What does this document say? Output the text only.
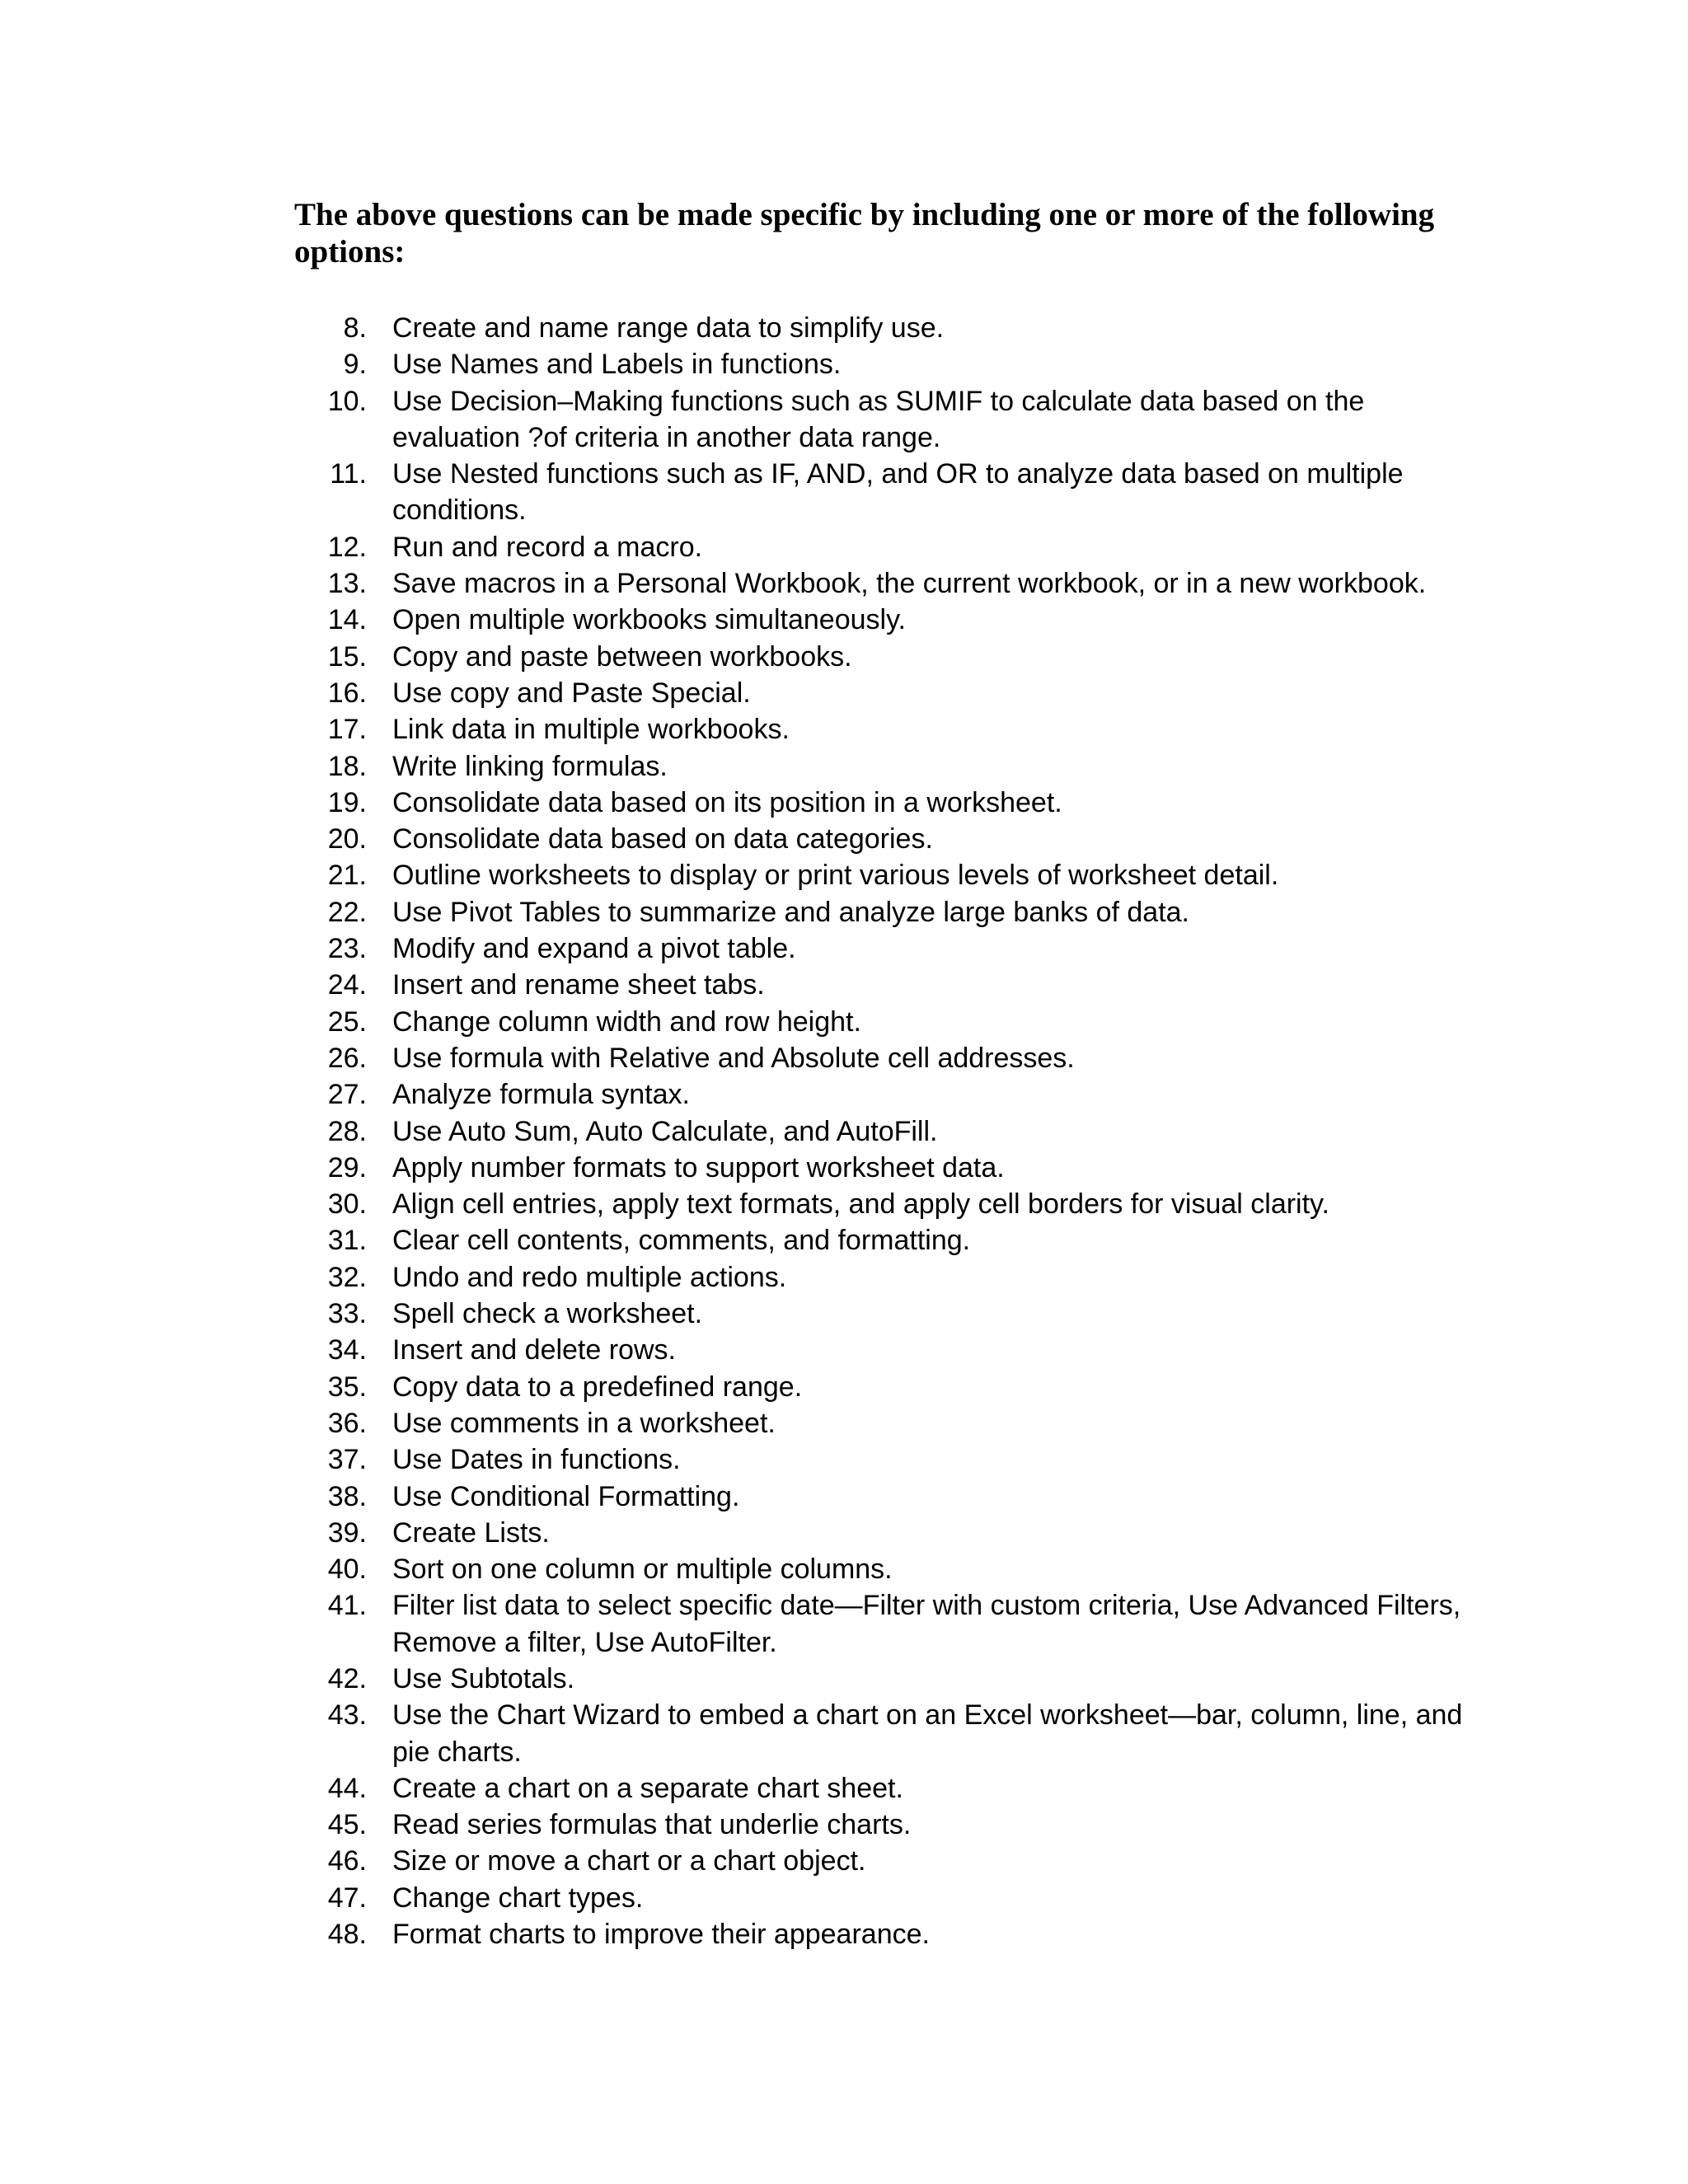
The above questions can be made specific by including one or more of the following options:
8. Create and name range data to simplify use.
9. Use Names and Labels in functions.
10. Use Decision–Making functions such as SUMIF to calculate data based on the evaluation ?of criteria in another data range.
11. Use Nested functions such as IF, AND, and OR to analyze data based on multiple conditions.
12. Run and record a macro.
13. Save macros in a Personal Workbook, the current workbook, or in a new workbook.
14. Open multiple workbooks simultaneously.
15. Copy and paste between workbooks.
16. Use copy and Paste Special.
17. Link data in multiple workbooks.
18. Write linking formulas.
19. Consolidate data based on its position in a worksheet.
20. Consolidate data based on data categories.
21. Outline worksheets to display or print various levels of worksheet detail.
22. Use Pivot Tables to summarize and analyze large banks of data.
23. Modify and expand a pivot table.
24. Insert and rename sheet tabs.
25. Change column width and row height.
26. Use formula with Relative and Absolute cell addresses.
27. Analyze formula syntax.
28. Use Auto Sum, Auto Calculate, and AutoFill.
29. Apply number formats to support worksheet data.
30. Align cell entries, apply text formats, and apply cell borders for visual clarity.
31. Clear cell contents, comments, and formatting.
32. Undo and redo multiple actions.
33. Spell check a worksheet.
34. Insert and delete rows.
35. Copy data to a predefined range.
36. Use comments in a worksheet.
37. Use Dates in functions.
38. Use Conditional Formatting.
39. Create Lists.
40. Sort on one column or multiple columns.
41. Filter list data to select specific date—Filter with custom criteria, Use Advanced Filters, Remove a filter, Use AutoFilter.
42. Use Subtotals.
43. Use the Chart Wizard to embed a chart on an Excel worksheet—bar, column, line, and pie charts.
44. Create a chart on a separate chart sheet.
45. Read series formulas that underlie charts.
46. Size or move a chart or a chart object.
47. Change chart types.
48. Format charts to improve their appearance.
